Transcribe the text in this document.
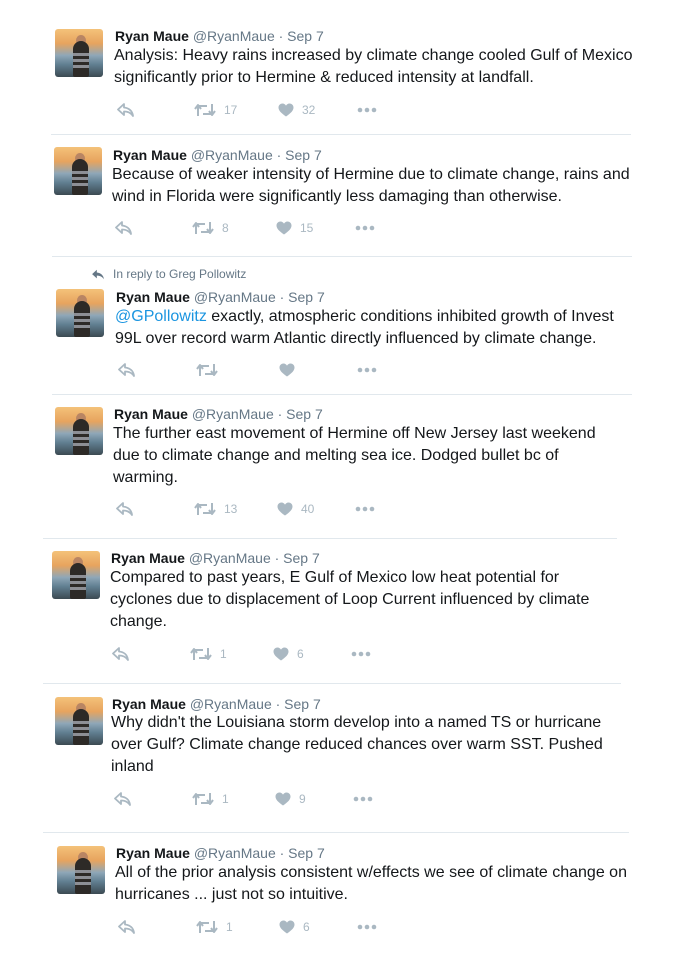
Ryan Maue @RyanMaue · Sep 7
Analysis: Heavy rains increased by climate change cooled Gulf of Mexico significantly prior to Hermine & reduced intensity at landfall.
17	32
Ryan Maue @RyanMaue · Sep 7
Because of weaker intensity of Hermine due to climate change, rains and wind in Florida were significantly less damaging than otherwise.
8	15
In reply to Greg Pollowitz
Ryan Maue @RyanMaue · Sep 7
@GPollowitz exactly, atmospheric conditions inhibited growth of Invest 99L over record warm Atlantic directly influenced by climate change.
Ryan Maue @RyanMaue · Sep 7
The further east movement of Hermine off New Jersey last weekend due to climate change and melting sea ice. Dodged bullet bc of warming.
13	40
Ryan Maue @RyanMaue · Sep 7
Compared to past years, E Gulf of Mexico low heat potential for cyclones due to displacement of Loop Current influenced by climate change.
1	6
Ryan Maue @RyanMaue · Sep 7
Why didn't the Louisiana storm develop into a named TS or hurricane over Gulf? Climate change reduced chances over warm SST. Pushed inland
1	9
Ryan Maue @RyanMaue · Sep 7
All of the prior analysis consistent w/effects we see of climate change on hurricanes ... just not so intuitive.
1	6
